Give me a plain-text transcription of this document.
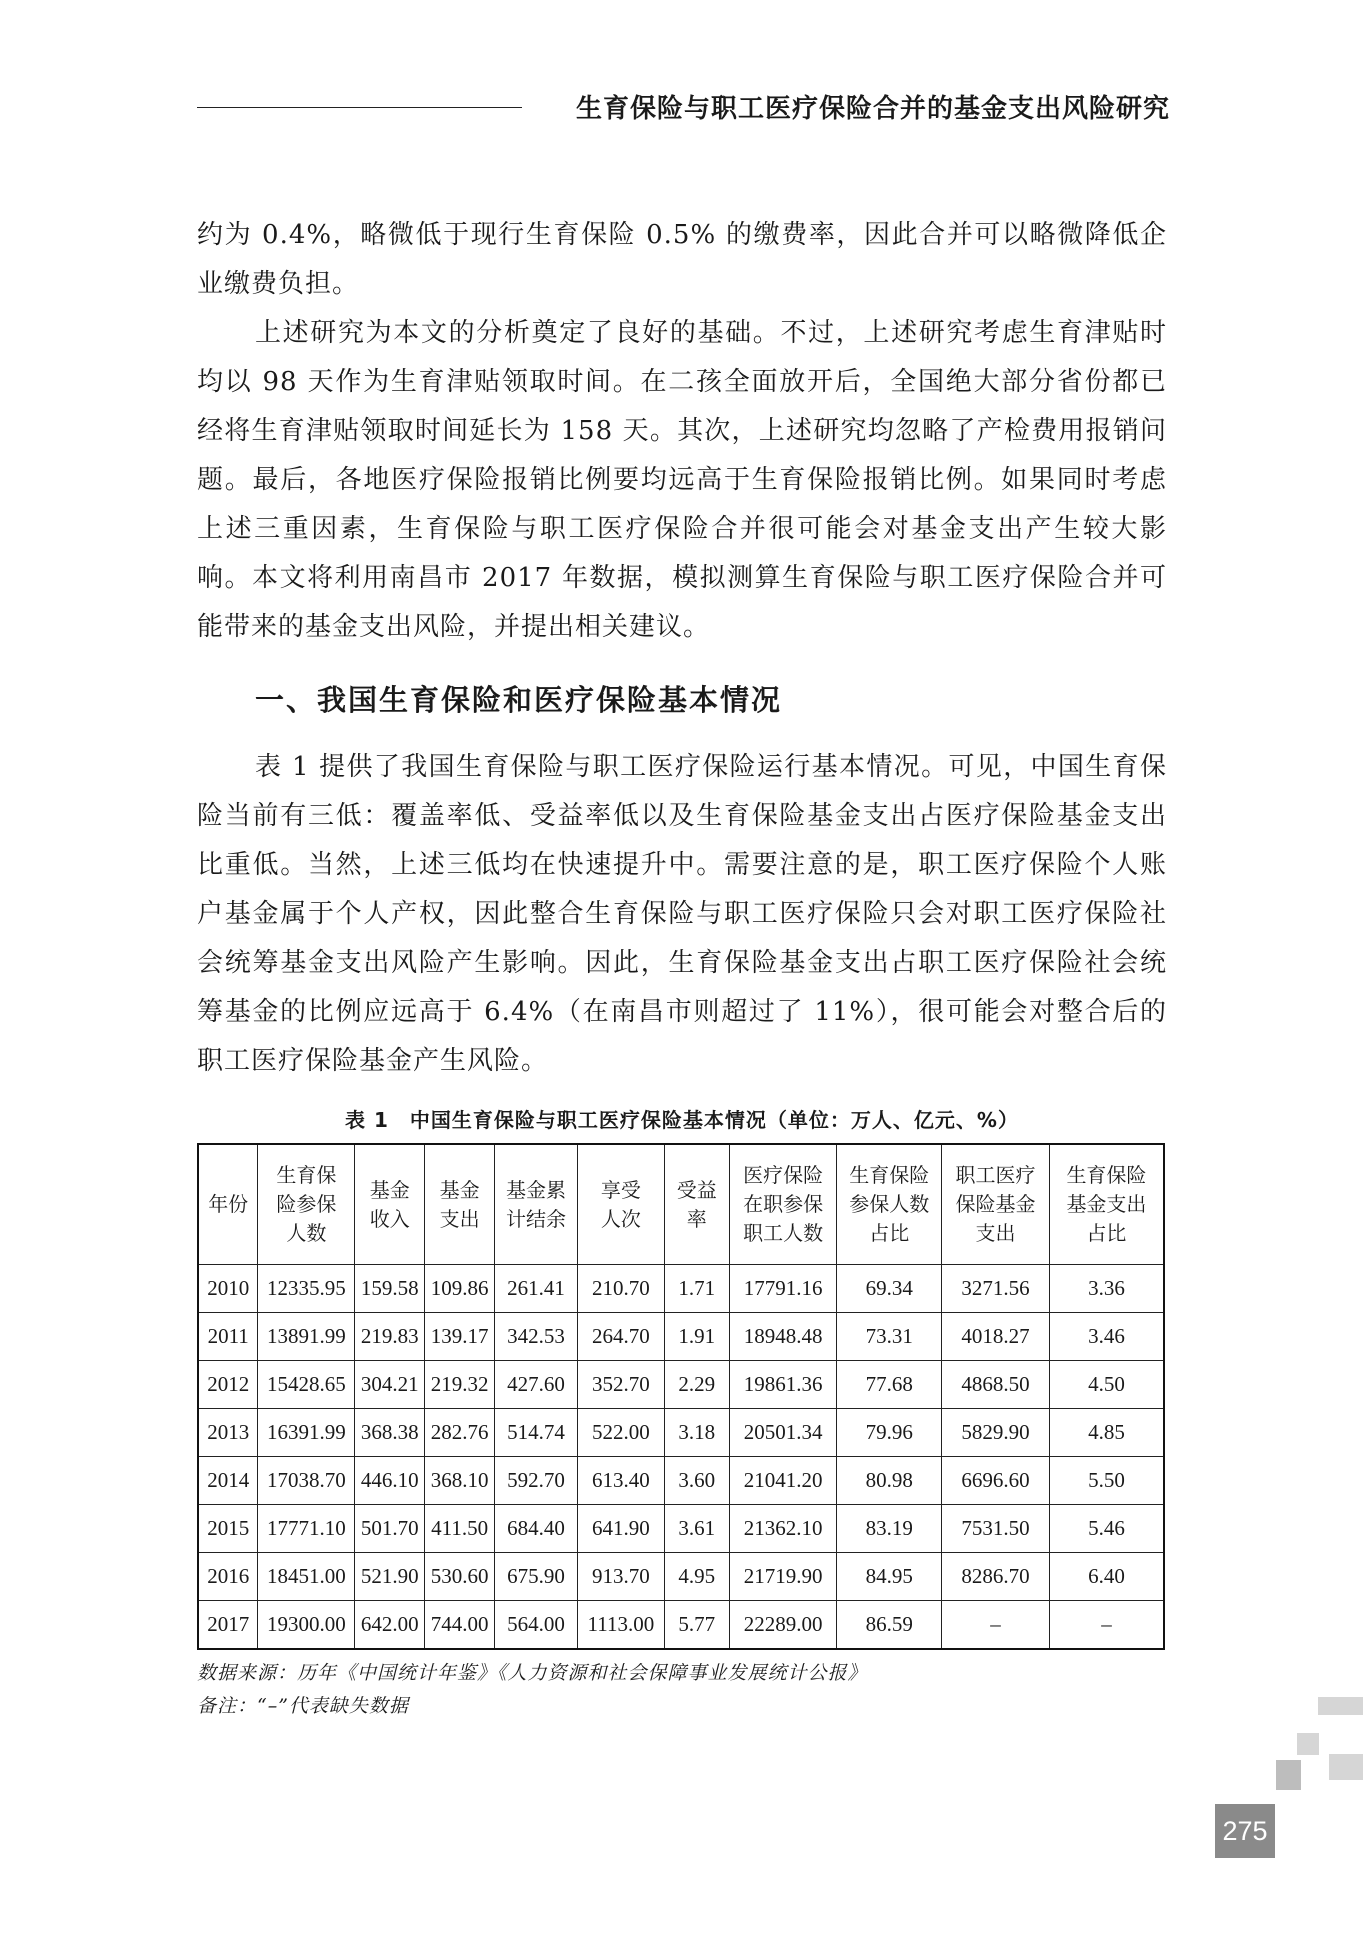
生育保险与职工医疗保险合并的基金支出风险研究

约为 0.4%，略微低于现行生育保险 0.5% 的缴费率，因此合并可以略微降低企业缴费负担。

上述研究为本文的分析奠定了良好的基础。不过，上述研究考虑生育津贴时均以 98 天作为生育津贴领取时间。在二孩全面放开后，全国绝大部分省份都已经将生育津贴领取时间延长为 158 天。其次，上述研究均忽略了产检费用报销问题。最后，各地医疗保险报销比例要均远高于生育保险报销比例。如果同时考虑上述三重因素，生育保险与职工医疗保险合并很可能会对基金支出产生较大影响。本文将利用南昌市 2017 年数据，模拟测算生育保险与职工医疗保险合并可能带来的基金支出风险，并提出相关建议。

一、我国生育保险和医疗保险基本情况

表 1 提供了我国生育保险与职工医疗保险运行基本情况。可见，中国生育保险当前有三低：覆盖率低、受益率低以及生育保险基金支出占医疗保险基金支出比重低。当然，上述三低均在快速提升中。需要注意的是，职工医疗保险个人账户基金属于个人产权，因此整合生育保险与职工医疗保险只会对职工医疗保险社会统筹基金支出风险产生影响。因此，生育保险基金支出占职工医疗保险社会统筹基金的比例应远高于 6.4%（在南昌市则超过了 11%），很可能会对整合后的职工医疗保险基金产生风险。

表 1　中国生育保险与职工医疗保险基本情况（单位：万人、亿元、%）
年份	生育保
险参保
人数	基金
收入	基金
支出	基金累
计结余	享受
人次	受益
率	医疗保险
在职参保
职工人数	生育保险
参保人数
占比	职工医疗
保险基金
支出	生育保险
基金支出
占比
2010	12335.95	159.58	109.86	261.41	210.70	1.71	17791.16	69.34	3271.56	3.36
2011	13891.99	219.83	139.17	342.53	264.70	1.91	18948.48	73.31	4018.27	3.46
2012	15428.65	304.21	219.32	427.60	352.70	2.29	19861.36	77.68	4868.50	4.50
2013	16391.99	368.38	282.76	514.74	522.00	3.18	20501.34	79.96	5829.90	4.85
2014	17038.70	446.10	368.10	592.70	613.40	3.60	21041.20	80.98	6696.60	5.50
2015	17771.10	501.70	411.50	684.40	641.90	3.61	21362.10	83.19	7531.50	5.46
2016	18451.00	521.90	530.60	675.90	913.70	4.95	21719.90	84.95	8286.70	6.40
2017	19300.00	642.00	744.00	564.00	1113.00	5.77	22289.00	86.59	–	–
数据来源：历年《中国统计年鉴》《人力资源和社会保障事业发展统计公报》
备注：“–”代表缺失数据
275
